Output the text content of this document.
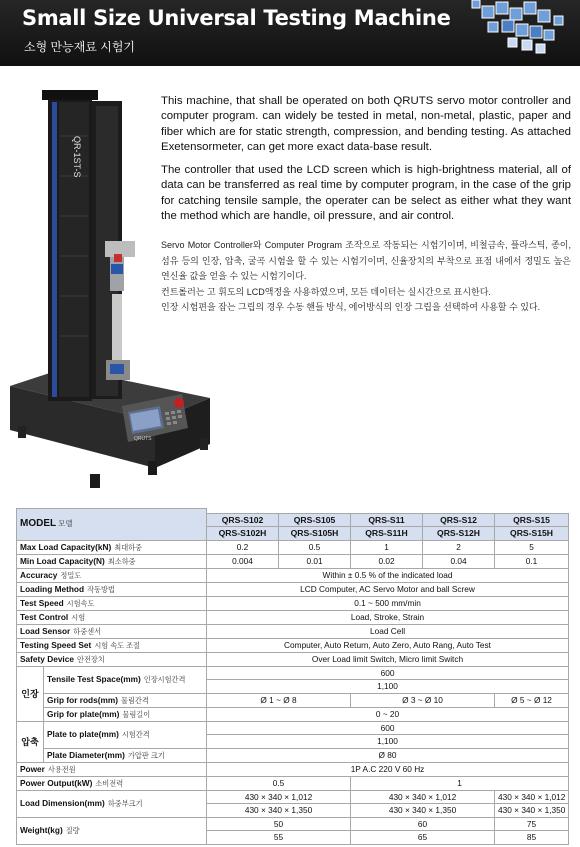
Small Size Universal Testing Machine
소형 만능재료 시험기
QR-1ST-S
QRUTS

This machine, that shall be operated on both QRUTS servo motor controller and computer program. can widely be tested in metal, non-metal, plastic, paper and fiber which are for static strength, compression, and bending testing. As attached Exetensormeter, can get more exact data-base result.

The controller that used the LCD screen which is high-brightness material, all of data can be transferred as real time by computer program, in the case of the grip for catching tensile sample, the operater can be select as either what they want the method which are handle, oil pressure, and air control.

Servo Motor Controller와 Computer Program 조작으로 작동되는 시험기이며, 비철금속, 플라스틱, 종이, 섬유 등의 인장, 압축, 굴곡 시험을 할 수 있는 시험기이며, 신율장치의 부착으로 표점 내에서 정밀도 높은 연신율 값을 얻을 수 있는 시험기이다.

컨트롤러는 고 휘도의 LCD액정을 사용하였으며, 모든 데이터는 실시간으로 표시한다.

인장 시험편을 잡는 그립의 경우 수동 핸들 방식, 에어방식의 인장 그립을 선택하여 사용할 수 있다.

MODEL 모델						
		QRS-S102	QRS-S105	QRS-S11	QRS-S12	QRS-S15
		QRS-S102H	QRS-S105H	QRS-S11H	QRS-S12H	QRS-S15H
Max Load Capacity(kN) 최대하중		0.2	0.5	1	2	5
Min Load Capacity(N) 최소하중		0.004	0.01	0.02	0.04	0.1
Accuracy 정밀도		Within ± 0.5 % of the indicated load				
Loading Method 작동방법		LCD Computer, AC Servo Motor and ball Screw				
Test Speed 시험속도		0.1 ~ 500 mm/min				
Test Control 시험		Load, Stroke, Strain				
Load Sensor 하중센서		Load Cell				
Testing Speed Set 시험 속도 조절		Computer, Auto Return, Auto Zero, Auto Rang, Auto Test				
Safety Device 안전장치		Over Load limit Switch, Micro limit Switch				
인장	Tensile Test Space(mm) 인장시험간격	600				
		1,100				
	Grip for rods(mm) 물림간격	Ø 1 ~ Ø 8		Ø 3 ~ Ø 10		Ø 5 ~ Ø 12
	Grip for plate(mm) 물림길이	0 ~ 20				
압축	Plate to plate(mm) 시험간격	600				
		1,100				
	Plate Diameter(mm) 가압판 크기	Ø 80				
Power 사용전원		1P A.C 220 V 60 Hz				
Power Output(kW) 소비전력		0.5		1		
Load Dimension(mm) 하중부크기		430 × 340 × 1,012		430 × 340 × 1,012		430 × 340 × 1,012
		430 × 340 × 1,350		430 × 340 × 1,350		430 × 340 × 1,350
Weight(kg) 질량		50		60		75
		55		65		85
